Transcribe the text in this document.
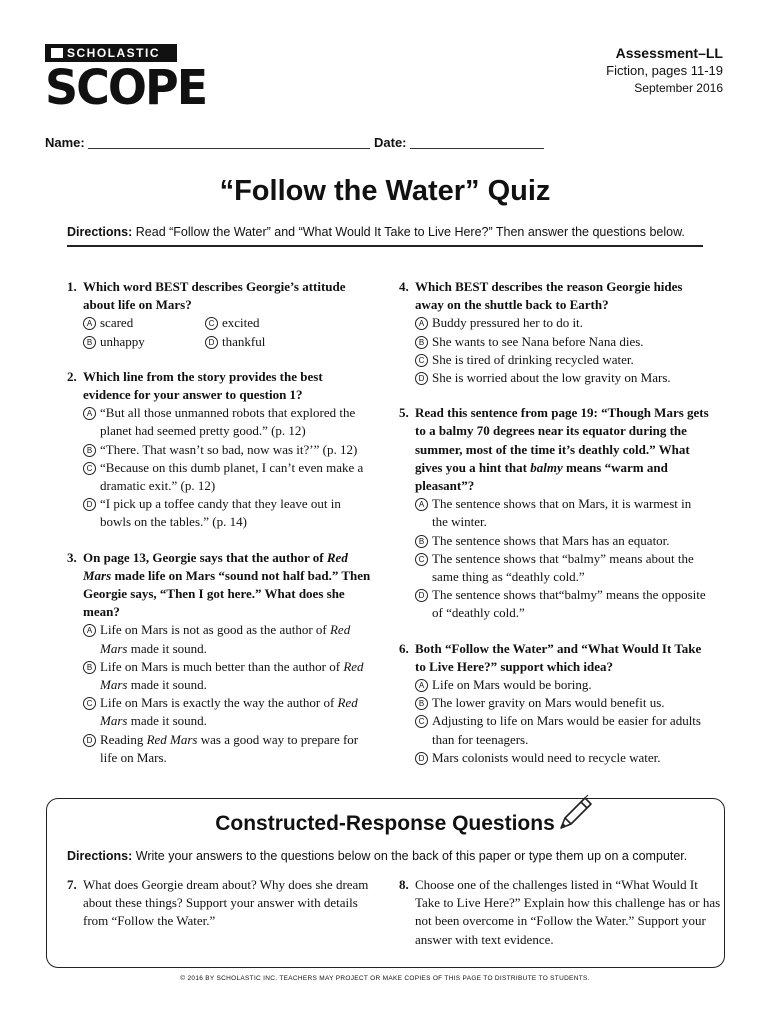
SCHOLASTIC
SCOPE
Assessment–LL
Fiction, pages 11-19
September 2016
Name:	Date:
“Follow the Water” Quiz
Directions: Read “Follow the Water” and “What Would It Take to Live Here?” Then answer the questions below.
1. Which word BEST describes Georgie’s attitude about life on Mars?
A scared	C excited
B unhappy	D thankful
2. Which line from the story provides the best evidence for your answer to question 1?
A “But all those unmanned robots that explored the planet had seemed pretty good.” (p. 12)
B “There. That wasn’t so bad, now was it?’” (p. 12)
C “Because on this dumb planet, I can’t even make a dramatic exit.” (p. 12)
D “I pick up a toffee candy that they leave out in bowls on the tables.” (p. 14)
3. On page 13, Georgie says that the author of Red Mars made life on Mars “sound not half bad.” Then Georgie says, “Then I got here.” What does she mean?
A Life on Mars is not as good as the author of Red Mars made it sound.
B Life on Mars is much better than the author of Red Mars made it sound.
C Life on Mars is exactly the way the author of Red Mars made it sound.
D Reading Red Mars was a good way to prepare for life on Mars.
4. Which BEST describes the reason Georgie hides away on the shuttle back to Earth?
A Buddy pressured her to do it.
B She wants to see Nana before Nana dies.
C She is tired of drinking recycled water.
D She is worried about the low gravity on Mars.
5. Read this sentence from page 19: “Though Mars gets to a balmy 70 degrees near its equator during the summer, most of the time it’s deathly cold.” What gives you a hint that balmy means “warm and pleasant”?
A The sentence shows that on Mars, it is warmest in the winter.
B The sentence shows that Mars has an equator.
C The sentence shows that “balmy” means about the same thing as “deathly cold.”
D The sentence shows that“balmy” means the opposite of “deathly cold.”
6. Both “Follow the Water” and “What Would It Take to Live Here?” support which idea?
A Life on Mars would be boring.
B The lower gravity on Mars would benefit us.
C Adjusting to life on Mars would be easier for adults than for teenagers.
D Mars colonists would need to recycle water.
Constructed-Response Questions
Directions: Write your answers to the questions below on the back of this paper or type them up on a computer.
7. What does Georgie dream about? Why does she dream about these things? Support your answer with details from “Follow the Water.”
8. Choose one of the challenges listed in “What Would It Take to Live Here?” Explain how this challenge has or has not been overcome in “Follow the Water.” Support your answer with text evidence.
© 2016 BY SCHOLASTIC INC. TEACHERS MAY PROJECT OR MAKE COPIES OF THIS PAGE TO DISTRIBUTE TO STUDENTS.
